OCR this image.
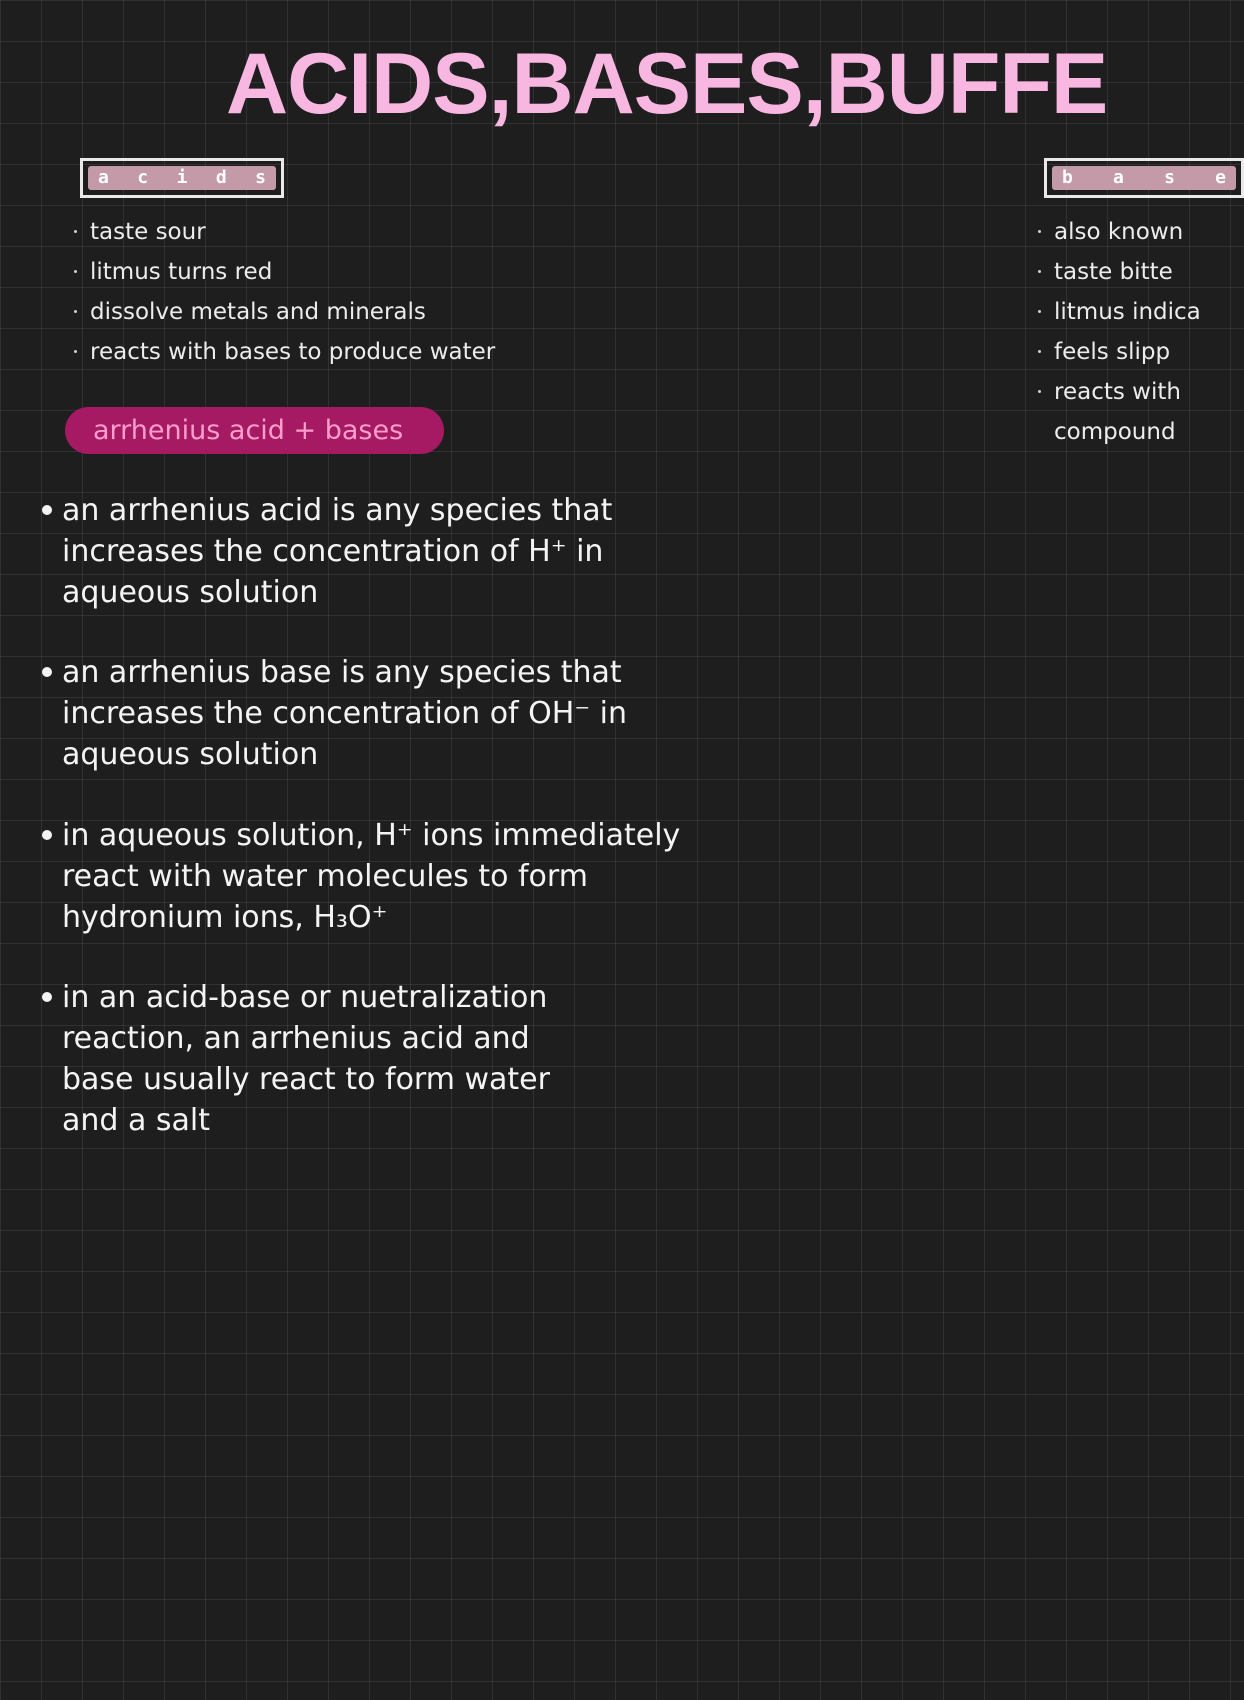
ACIDS,BASES,BUFFE
a c i d s
taste sour
litmus turns red
dissolve metals and minerals
reacts with bases to produce water
b a s e
also known
taste bitte
litmus indica
feels slipp
reacts with
compound
arrhenius acid + bases
an arrhenius acid is any species that
increases the concentration of H⁺ in
aqueous solution
an arrhenius base is any species that
increases the concentration of OH⁻ in
aqueous solution
in aqueous solution, H⁺ ions immediately
react with water molecules to form
hydronium ions, H₃O⁺
in an acid-base or nuetralization
reaction, an arrhenius acid and
base usually react to form water
and a salt
